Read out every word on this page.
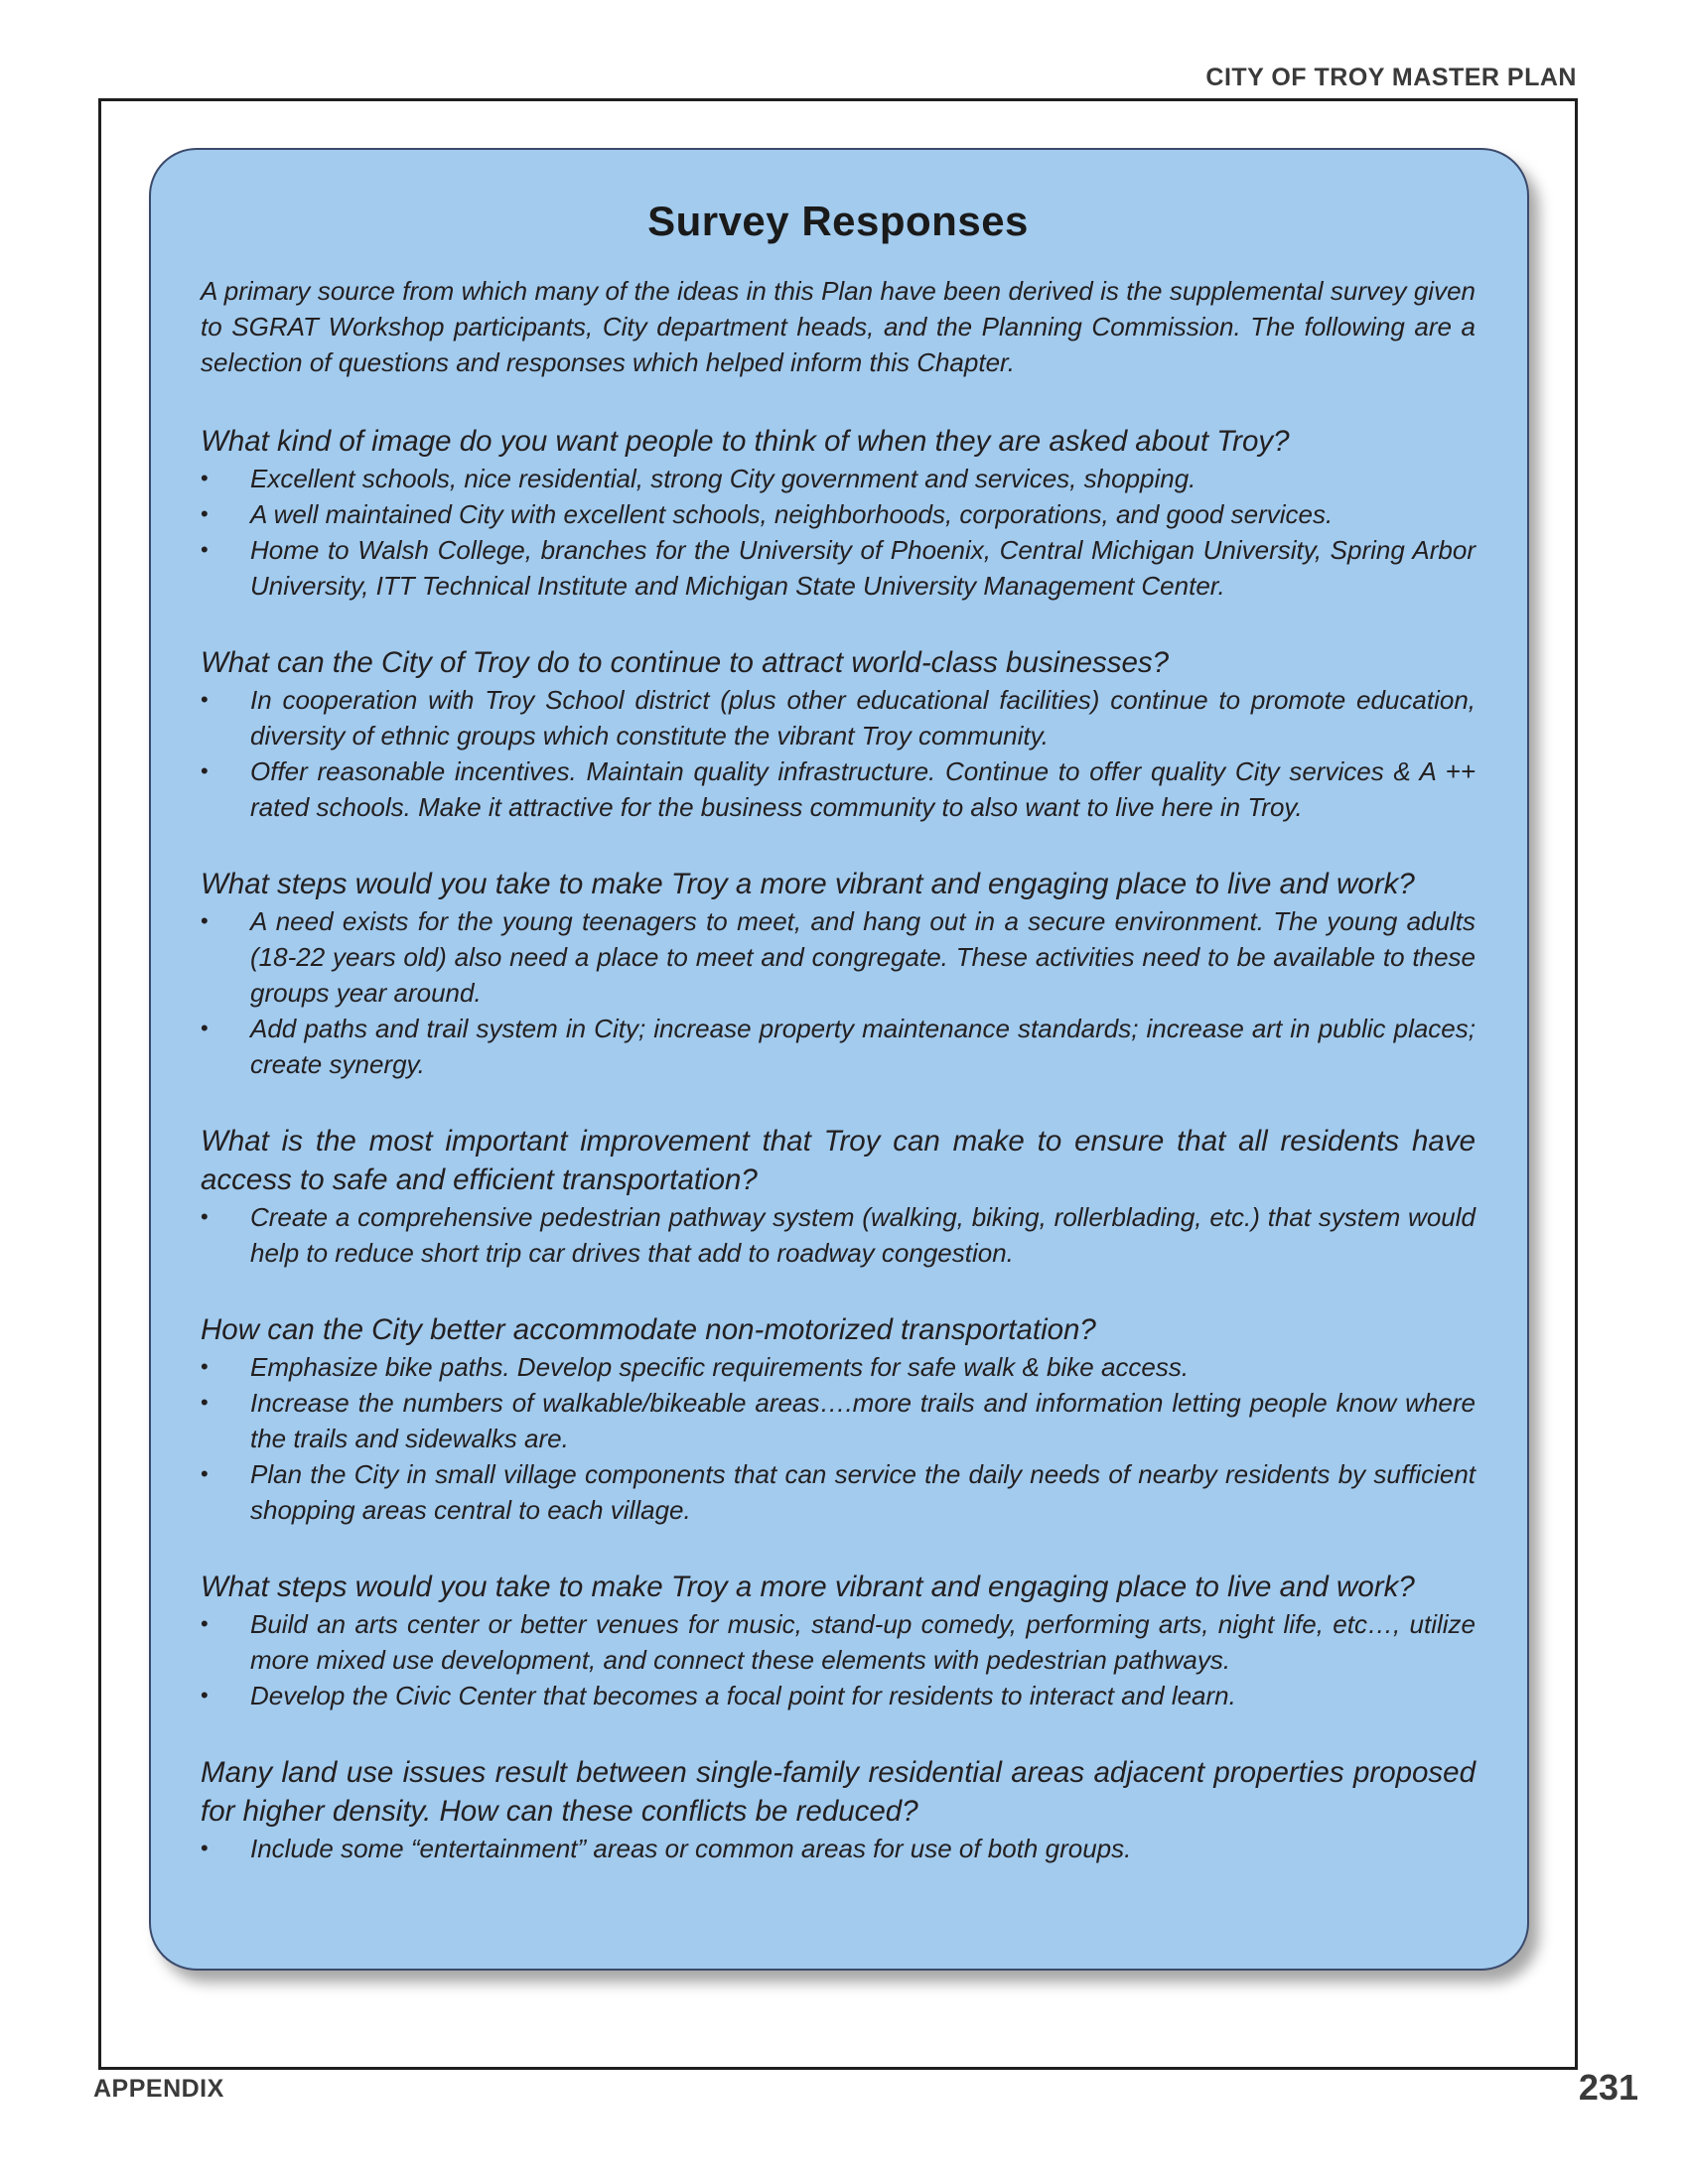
CITY OF TROY MASTER PLAN
Survey Responses

A primary source from which many of the ideas in this Plan have been derived is the supplemental survey given to SGRAT Workshop participants, City department heads, and the Planning Commission. The following are a selection of questions and responses which helped inform this Chapter.

What kind of image do you want people to think of when they are asked about Troy?

• Excellent schools, nice residential, strong City government and services, shopping.
• A well maintained City with excellent schools, neighborhoods, corporations, and good services.
• Home to Walsh College, branches for the University of Phoenix, Central Michigan University, Spring Arbor University, ITT Technical Institute and Michigan State University Management Center.

What can the City of Troy do to continue to attract world-class businesses?

• In cooperation with Troy School district (plus other educational facilities) continue to promote education, diversity of ethnic groups which constitute the vibrant Troy community.
• Offer reasonable incentives. Maintain quality infrastructure. Continue to offer quality City services & A ++ rated schools. Make it attractive for the business community to also want to live here in Troy.

What steps would you take to make Troy a more vibrant and engaging place to live and work?

• A need exists for the young teenagers to meet, and hang out in a secure environment. The young adults (18-22 years old) also need a place to meet and congregate. These activities need to be available to these groups year around.
• Add paths and trail system in City; increase property maintenance standards; increase art in public places; create synergy.

What is the most important improvement that Troy can make to ensure that all residents have access to safe and efficient transportation?

• Create a comprehensive pedestrian pathway system (walking, biking, rollerblading, etc.) that system would help to reduce short trip car drives that add to roadway congestion.

How can the City better accommodate non-motorized transportation?

• Emphasize bike paths. Develop specific requirements for safe walk & bike access.
• Increase the numbers of walkable/bikeable areas….more trails and information letting people know where the trails and sidewalks are.
• Plan the City in small village components that can service the daily needs of nearby residents by sufficient shopping areas central to each village.

What steps would you take to make Troy a more vibrant and engaging place to live and work?

• Build an arts center or better venues for music, stand-up comedy, performing arts, night life, etc…, utilize more mixed use development, and connect these elements with pedestrian pathways.
• Develop the Civic Center that becomes a focal point for residents to interact and learn.

Many land use issues result between single-family residential areas adjacent properties proposed for higher density. How can these conflicts be reduced?

• Include some “entertainment” areas or common areas for use of both groups.
APPENDIX	231
